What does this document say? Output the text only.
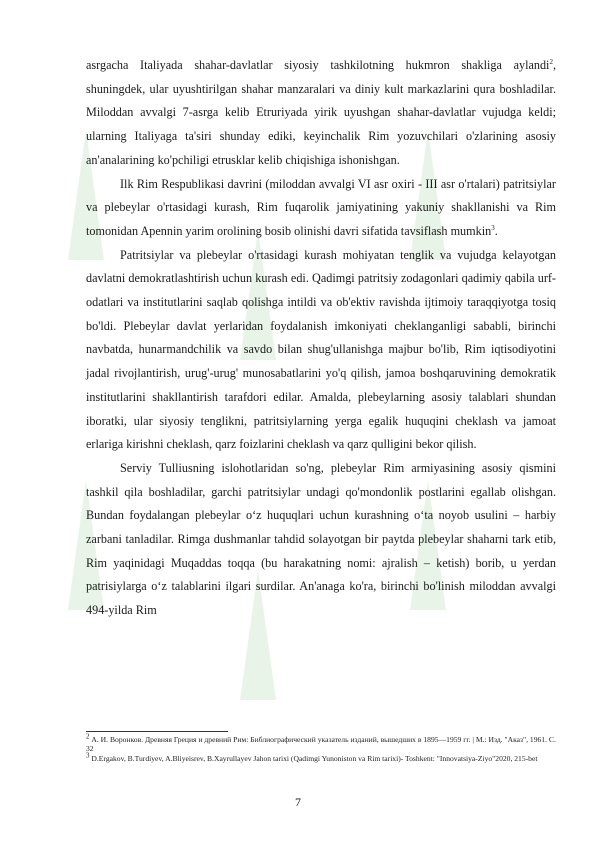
asrgacha Italiyada shahar-davlatlar siyosiy tashkilotning hukmron shakliga aylandi$^2$, shuningdek, ular uyushtirilgan shahar manzaralari va diniy kult markazlarini qura boshladilar. Miloddan avvalgi 7-asrga kelib Etruriyada yirik uyushgan shahar-davlatlar vujudga keldi; ularning Italiyaga ta'siri shunday ediki, keyinchalik Rim yozuvchilari o'zlarining asosiy an'analarining ko'pchiligi etrusklar kelib chiqishiga ishonishgan.

Ilk Rim Respublikasi davrini (miloddan avvalgi VI asr oxiri - III asr o'rtalari) patritsiylar va plebeylar o'rtasidagi kurash, Rim fuqarolik jamiyatining yakuniy shakllanishi va Rim tomonidan Apennin yarim orolining bosib olinishi davri sifatida tavsiflash mumkin$^3$.

Patritsiylar va plebeylar o'rtasidagi kurash mohiyatan tenglik va vujudga kelayotgan davlatni demokratlashtirish uchun kurash edi. Qadimgi patritsiy zodagonlari qadimiy qabila urf-odatlari va institutlarini saqlab qolishga intildi va ob'ektiv ravishda ijtimoiy taraqqiyotga tosiq bo'ldi. Plebeylar davlat yerlaridan foydalanish imkoniyati cheklanganligi sababli, birinchi navbatda, hunarmandchilik va savdo bilan shug'ullanishga majbur bo'lib, Rim iqtisodiyotini jadal rivojlantirish, urug'-urug' munosabatlarini yo'q qilish, jamoa boshqaruvining demokratik institutlarini shakllantirish tarafdori edilar. Amalda, plebeylarning asosiy talablari shundan iboratki, ular siyosiy tenglikni, patritsiylarning yerga egalik huquqini cheklash va jamoat erlariga kirishni cheklash, qarz foizlarini cheklash va qarz qulligini bekor qilish.

Serviy Tulliusning islohotlaridan so'ng, plebeylar Rim armiyasining asosiy qismini tashkil qila boshladilar, garchi patritsiylar undagi qo'mondonlik postlarini egallab olishgan. Bundan foydalangan plebeylar o‘z huquqlari uchun kurashning o‘ta noyob usulini – harbiy zarbani tanladilar. Rimga dushmanlar tahdid solayotgan bir paytda plebeylar shaharni tark etib, Rim yaqinidagi Muqaddas toqqa (bu harakatning nomi: ajralish – ketish) borib, u yerdan patrisiylarga o‘z talablarini ilgari surdilar. An'anaga ko'ra, birinchi bo'linish miloddan avvalgi 494-yilda Rim

$^2$ А. И. Воронков. Древняя Греция и древний Рим: Библиографический указатель изданий, вышедших в 1895—1959 гг. | М.: Изд. "Аказ", 1961. С. 32

$^3$ D.Ergakov, B.Turdiyev, A.Bliyeisrev, B.Xayrullayev Jahon tarixi (Qadimgi Yunoniston va Rim tarixi)- Toshkent: "Innovatsiya-Ziyo"2020, 215-bet

7
